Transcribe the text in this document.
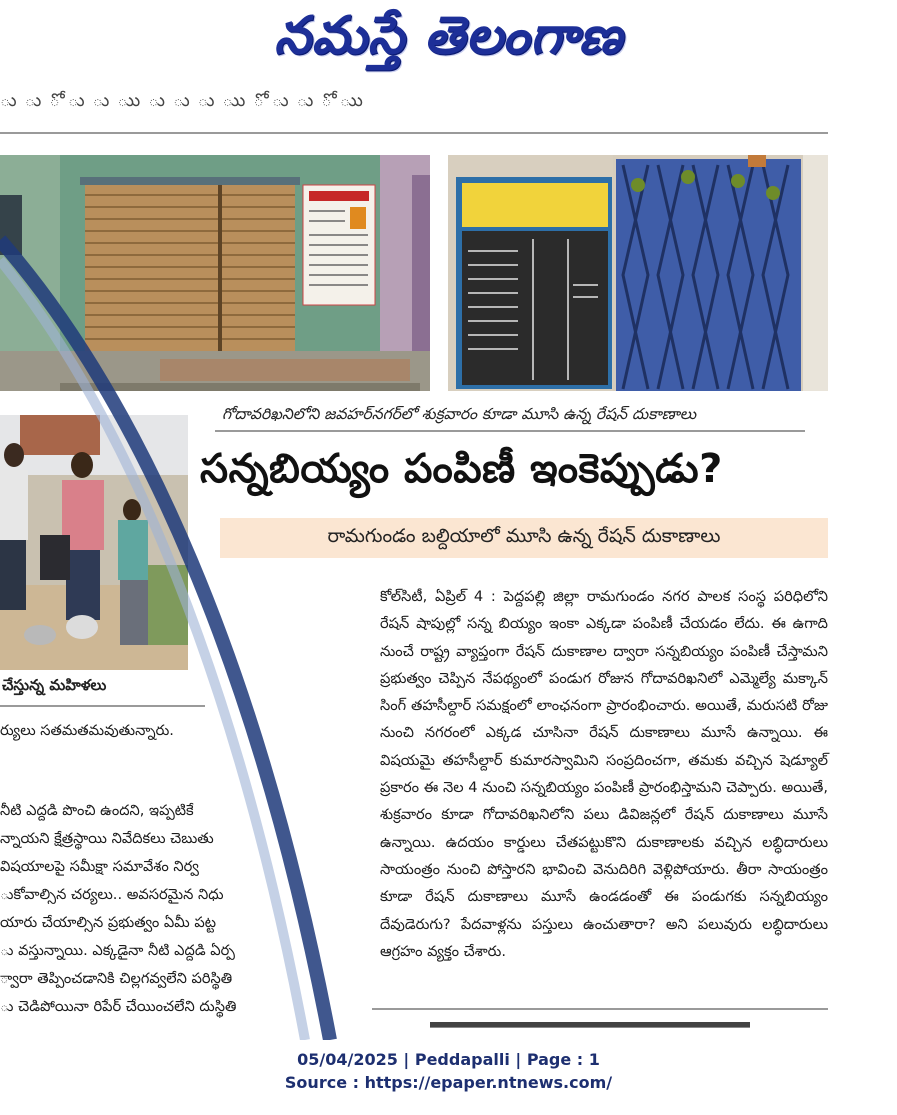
నమస్తే తెలంగాణ
ు ు ో ు ు ుు ు ు ు ుు ో ు ు ో ుు
గోదావరిఖనిలోని జవహర్‌నగర్‌లో శుక్రవారం కూడా మూసి ఉన్న రేషన్ దుకాణాలు
చేస్తున్న మహిళలు
సన్నబియ్యం పంపిణీ ఇంకెప్పుడు?
రామగుండం బల్దియాలో మూసి ఉన్న రేషన్ దుకాణాలు

కోల్‌సిటీ, ఏప్రిల్ 4 : పెద్దపల్లి జిల్లా రామగుండం నగర పాలక సంస్థ పరిధిలోని రేషన్ షాపుల్లో సన్న బియ్యం ఇంకా ఎక్కడా పంపిణీ చేయడం లేదు. ఈ ఉగాది నుంచే రాష్ట్ర వ్యాప్తంగా రేషన్ దుకాణాల ద్వారా సన్నబియ్యం పంపిణీ చేస్తామని ప్రభుత్వం చెప్పిన నేపథ్యంలో పండుగ రోజున గోదావరిఖనిలో ఎమ్మెల్యే మక్కాన్ సింగ్ తహసీల్దార్ సమక్షంలో లాంఛనంగా ప్రారంభించారు. అయితే, మరుసటి రోజు నుంచి నగరంలో ఎక్కడ చూసినా రేషన్ దుకాణాలు మూసే ఉన్నాయి. ఈ విషయమై తహసీల్దార్ కుమారస్వామిని సంప్రదించగా, తమకు వచ్చిన షెడ్యూల్ ప్రకారం ఈ నెల 4 నుంచి సన్నబియ్యం పంపిణీ ప్రారంభిస్తామని చెప్పారు. అయితే, శుక్రవారం కూడా గోదావరిఖనిలోని పలు డివిజన్లలో రేషన్ దుకాణాలు మూసే ఉన్నాయి. ఉదయం కార్డులు చేతపట్టుకొని దుకాణాలకు వచ్చిన లబ్ధిదారులు సాయంత్రం నుంచి పోస్తారని భావించి వెనుదిరిగి వెళ్లిపోయారు. తీరా సాయంత్రం కూడా రేషన్ దుకాణాలు మూసే ఉండడంతో ఈ పండుగకు సన్నబియ్యం దేవుడెరుగు? పేదవాళ్లను పస్తులు ఉంచుతారా? అని పలువురు లబ్ధిదారులు ఆగ్రహం వ్యక్తం చేశారు.

ర్యులు సతమతమవుతున్నారు.
నీటి ఎద్దడి పొంచి ఉందని, ఇప్పటికే
న్నాయని క్షేత్రస్థాయి నివేదికలు చెబుతు
విషయాలపై సమీక్షా సమావేశం నిర్వ
ుకోవాల్సిన చర్యలు.. అవసరమైన నిధు
యారు చేయాల్సిన ప్రభుత్వం ఏమీ పట్ట
ు వస్తున్నాయి. ఎక్కడైనా నీటి ఎద్దడి ఏర్ప
్వారా తెప్పించడానికి చిల్లగవ్వలేని పరిస్థితి
ు చెడిపోయినా రిపేర్ చేయించలేని దుస్థితి
05/04/2025 | Peddapalli | Page : 1
Source : https://epaper.ntnews.com/
